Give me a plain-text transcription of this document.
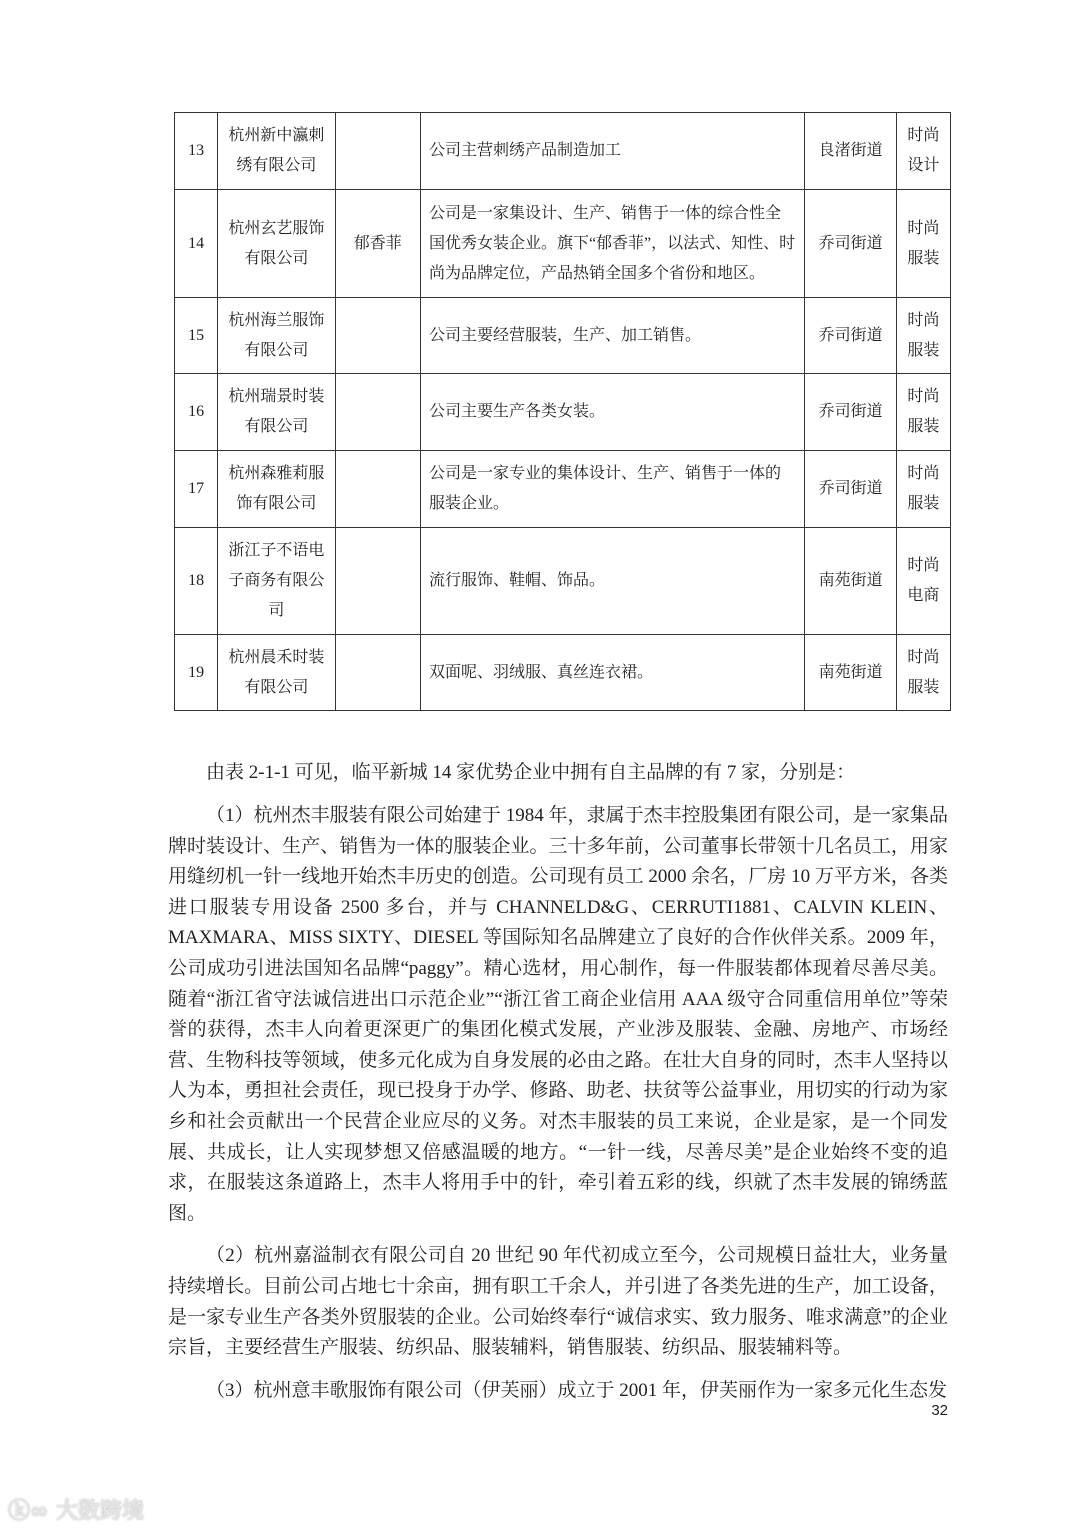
13	杭州新中瀛刺绣有限公司		公司主营刺绣产品制造加工	良渚街道	时尚设计
14	杭州玄艺服饰有限公司	郁香菲	公司是一家集设计、生产、销售于一体的综合性全国优秀女装企业。旗下“郁香菲”，以法式、知性、时尚为品牌定位，产品热销全国多个省份和地区。	乔司街道	时尚服装
15	杭州海兰服饰有限公司		公司主要经营服装，生产、加工销售。	乔司街道	时尚服装
16	杭州瑞景时装有限公司		公司主要生产各类女装。	乔司街道	时尚服装
17	杭州森雅莉服饰有限公司		公司是一家专业的集体设计、生产、销售于一体的服装企业。	乔司街道	时尚服装
18	浙江子不语电子商务有限公司		流行服饰、鞋帽、饰品。	南苑街道	时尚电商
19	杭州晨禾时装有限公司		双面呢、羽绒服、真丝连衣裙。	南苑街道	时尚服装

由表 2-1-1 可见，临平新城 14 家优势企业中拥有自主品牌的有 7 家，分别是：

（1）杭州杰丰服装有限公司始建于 1984 年，隶属于杰丰控股集团有限公司，是一家集品牌时装设计、生产、销售为一体的服装企业。三十多年前，公司董事长带领十几名员工，用家用缝纫机一针一线地开始杰丰历史的创造。公司现有员工 2000 余名，厂房 10 万平方米，各类进口服装专用设备 2500 多台，并与 CHANNELD&G、CERRUTI1881、CALVIN KLEIN、MAXMARA、MISS SIXTY、DIESEL 等国际知名品牌建立了良好的合作伙伴关系。2009 年，公司成功引进法国知名品牌“paggy”。精心选材，用心制作，每一件服装都体现着尽善尽美。随着“浙江省守法诚信进出口示范企业”“浙江省工商企业信用 AAA 级守合同重信用单位”等荣誉的获得，杰丰人向着更深更广的集团化模式发展，产业涉及服装、金融、房地产、市场经营、生物科技等领域，使多元化成为自身发展的必由之路。在壮大自身的同时，杰丰人坚持以人为本，勇担社会责任，现已投身于办学、修路、助老、扶贫等公益事业，用切实的行动为家乡和社会贡献出一个民营企业应尽的义务。对杰丰服装的员工来说，企业是家，是一个同发展、共成长，让人实现梦想又倍感温暖的地方。“一针一线，尽善尽美”是企业始终不变的追求，在服装这条道路上，杰丰人将用手中的针，牵引着五彩的线，织就了杰丰发展的锦绣蓝图。

（2）杭州嘉溢制衣有限公司自 20 世纪 90 年代初成立至今，公司规模日益壮大，业务量持续增长。目前公司占地七十余亩，拥有职工千余人，并引进了各类先进的生产，加工设备，是一家专业生产各类外贸服装的企业。公司始终奉行“诚信求实、致力服务、唯求满意”的企业宗旨，主要经营生产服装、纺织品、服装辅料，销售服装、纺织品、服装辅料等。

（3）杭州意丰歌服饰有限公司（伊芙丽）成立于 2001 年，伊芙丽作为一家多元化生态发

32
ⓚ∞ 大数跨境
